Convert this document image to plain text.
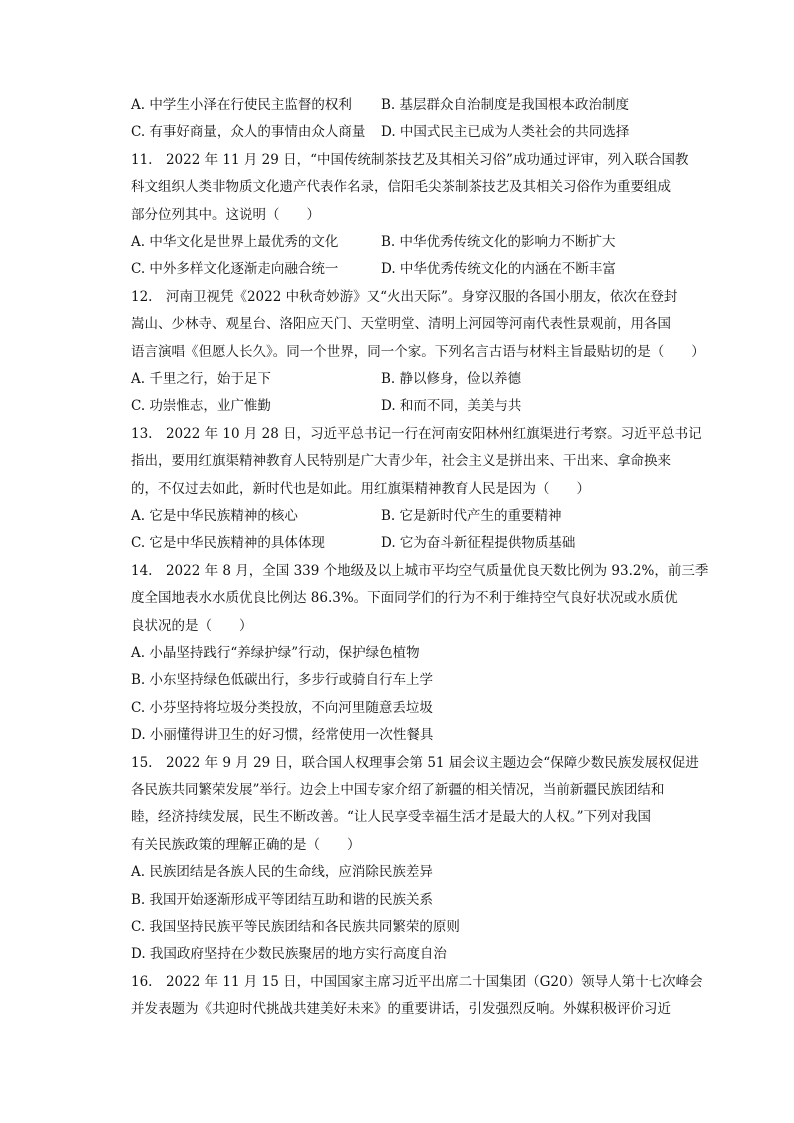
A. 中学生小泽在行使民主监督的权利 B. 基层群众自治制度是我国根本政治制度
C. 有事好商量，众人的事情由众人商量 D. 中国式民主已成为人类社会的共同选择
11.　2022 年 11 月 29 日，“中国传统制茶技艺及其相关习俗”成功通过评审，列入联合国教
科文组织人类非物质文化遗产代表作名录，信阳毛尖茶制茶技艺及其相关习俗作为重要组成
部分位列其中。这说明（　　）
A. 中华文化是世界上最优秀的文化	B. 中华优秀传统文化的影响力不断扩大
C. 中外多样文化逐渐走向融合统一	D. 中华优秀传统文化的内涵在不断丰富
12.　河南卫视凭《2022 中秋奇妙游》又“火出天际”。身穿汉服的各国小朋友，依次在登封
嵩山、少林寺、观星台、洛阳应天门、天堂明堂、清明上河园等河南代表性景观前，用各国
语言演唱《但愿人长久》。同一个世界，同一个家。下列名言古语与材料主旨最贴切的是（　　）
A. 千里之行，始于足下	B. 静以修身，俭以养德
C. 功崇惟志，业广惟勤	D. 和而不同，美美与共
13.　2022 年 10 月 28 日，习近平总书记一行在河南安阳林州红旗渠进行考察。习近平总书记
指出，要用红旗渠精神教育人民特别是广大青少年，社会主义是拼出来、干出来、拿命换来
的，不仅过去如此，新时代也是如此。用红旗渠精神教育人民是因为（　　）
A. 它是中华民族精神的核心	B. 它是新时代产生的重要精神
C. 它是中华民族精神的具体体现	D. 它为奋斗新征程提供物质基础
14.　2022 年 8 月，全国 339 个地级及以上城市平均空气质量优良天数比例为 93.2%，前三季
度全国地表水水质优良比例达 86.3%。下面同学们的行为不利于维持空气良好状况或水质优
良状况的是（　　）
A. 小晶坚持践行“养绿护绿”行动，保护绿色植物
B. 小东坚持绿色低碳出行，多步行或骑自行车上学
C. 小芬坚持将垃圾分类投放，不向河里随意丢垃圾
D. 小丽懂得讲卫生的好习惯，经常使用一次性餐具
15.　2022 年 9 月 29 日，联合国人权理事会第 51 届会议主题边会“保障少数民族发展权促进
各民族共同繁荣发展”举行。边会上中国专家介绍了新疆的相关情况，当前新疆民族团结和
睦，经济持续发展，民生不断改善。“让人民享受幸福生活才是最大的人权。”下列对我国
有关民族政策的理解正确的是（　　）
A. 民族团结是各族人民的生命线，应消除民族差异
B. 我国开始逐渐形成平等团结互助和谐的民族关系
C. 我国坚持民族平等民族团结和各民族共同繁荣的原则
D. 我国政府坚持在少数民族聚居的地方实行高度自治
16.　2022 年 11 月 15 日，中国国家主席习近平出席二十国集团（G20）领导人第十七次峰会
并发表题为《共迎时代挑战共建美好未来》的重要讲话，引发强烈反响。外媒积极评价习近
